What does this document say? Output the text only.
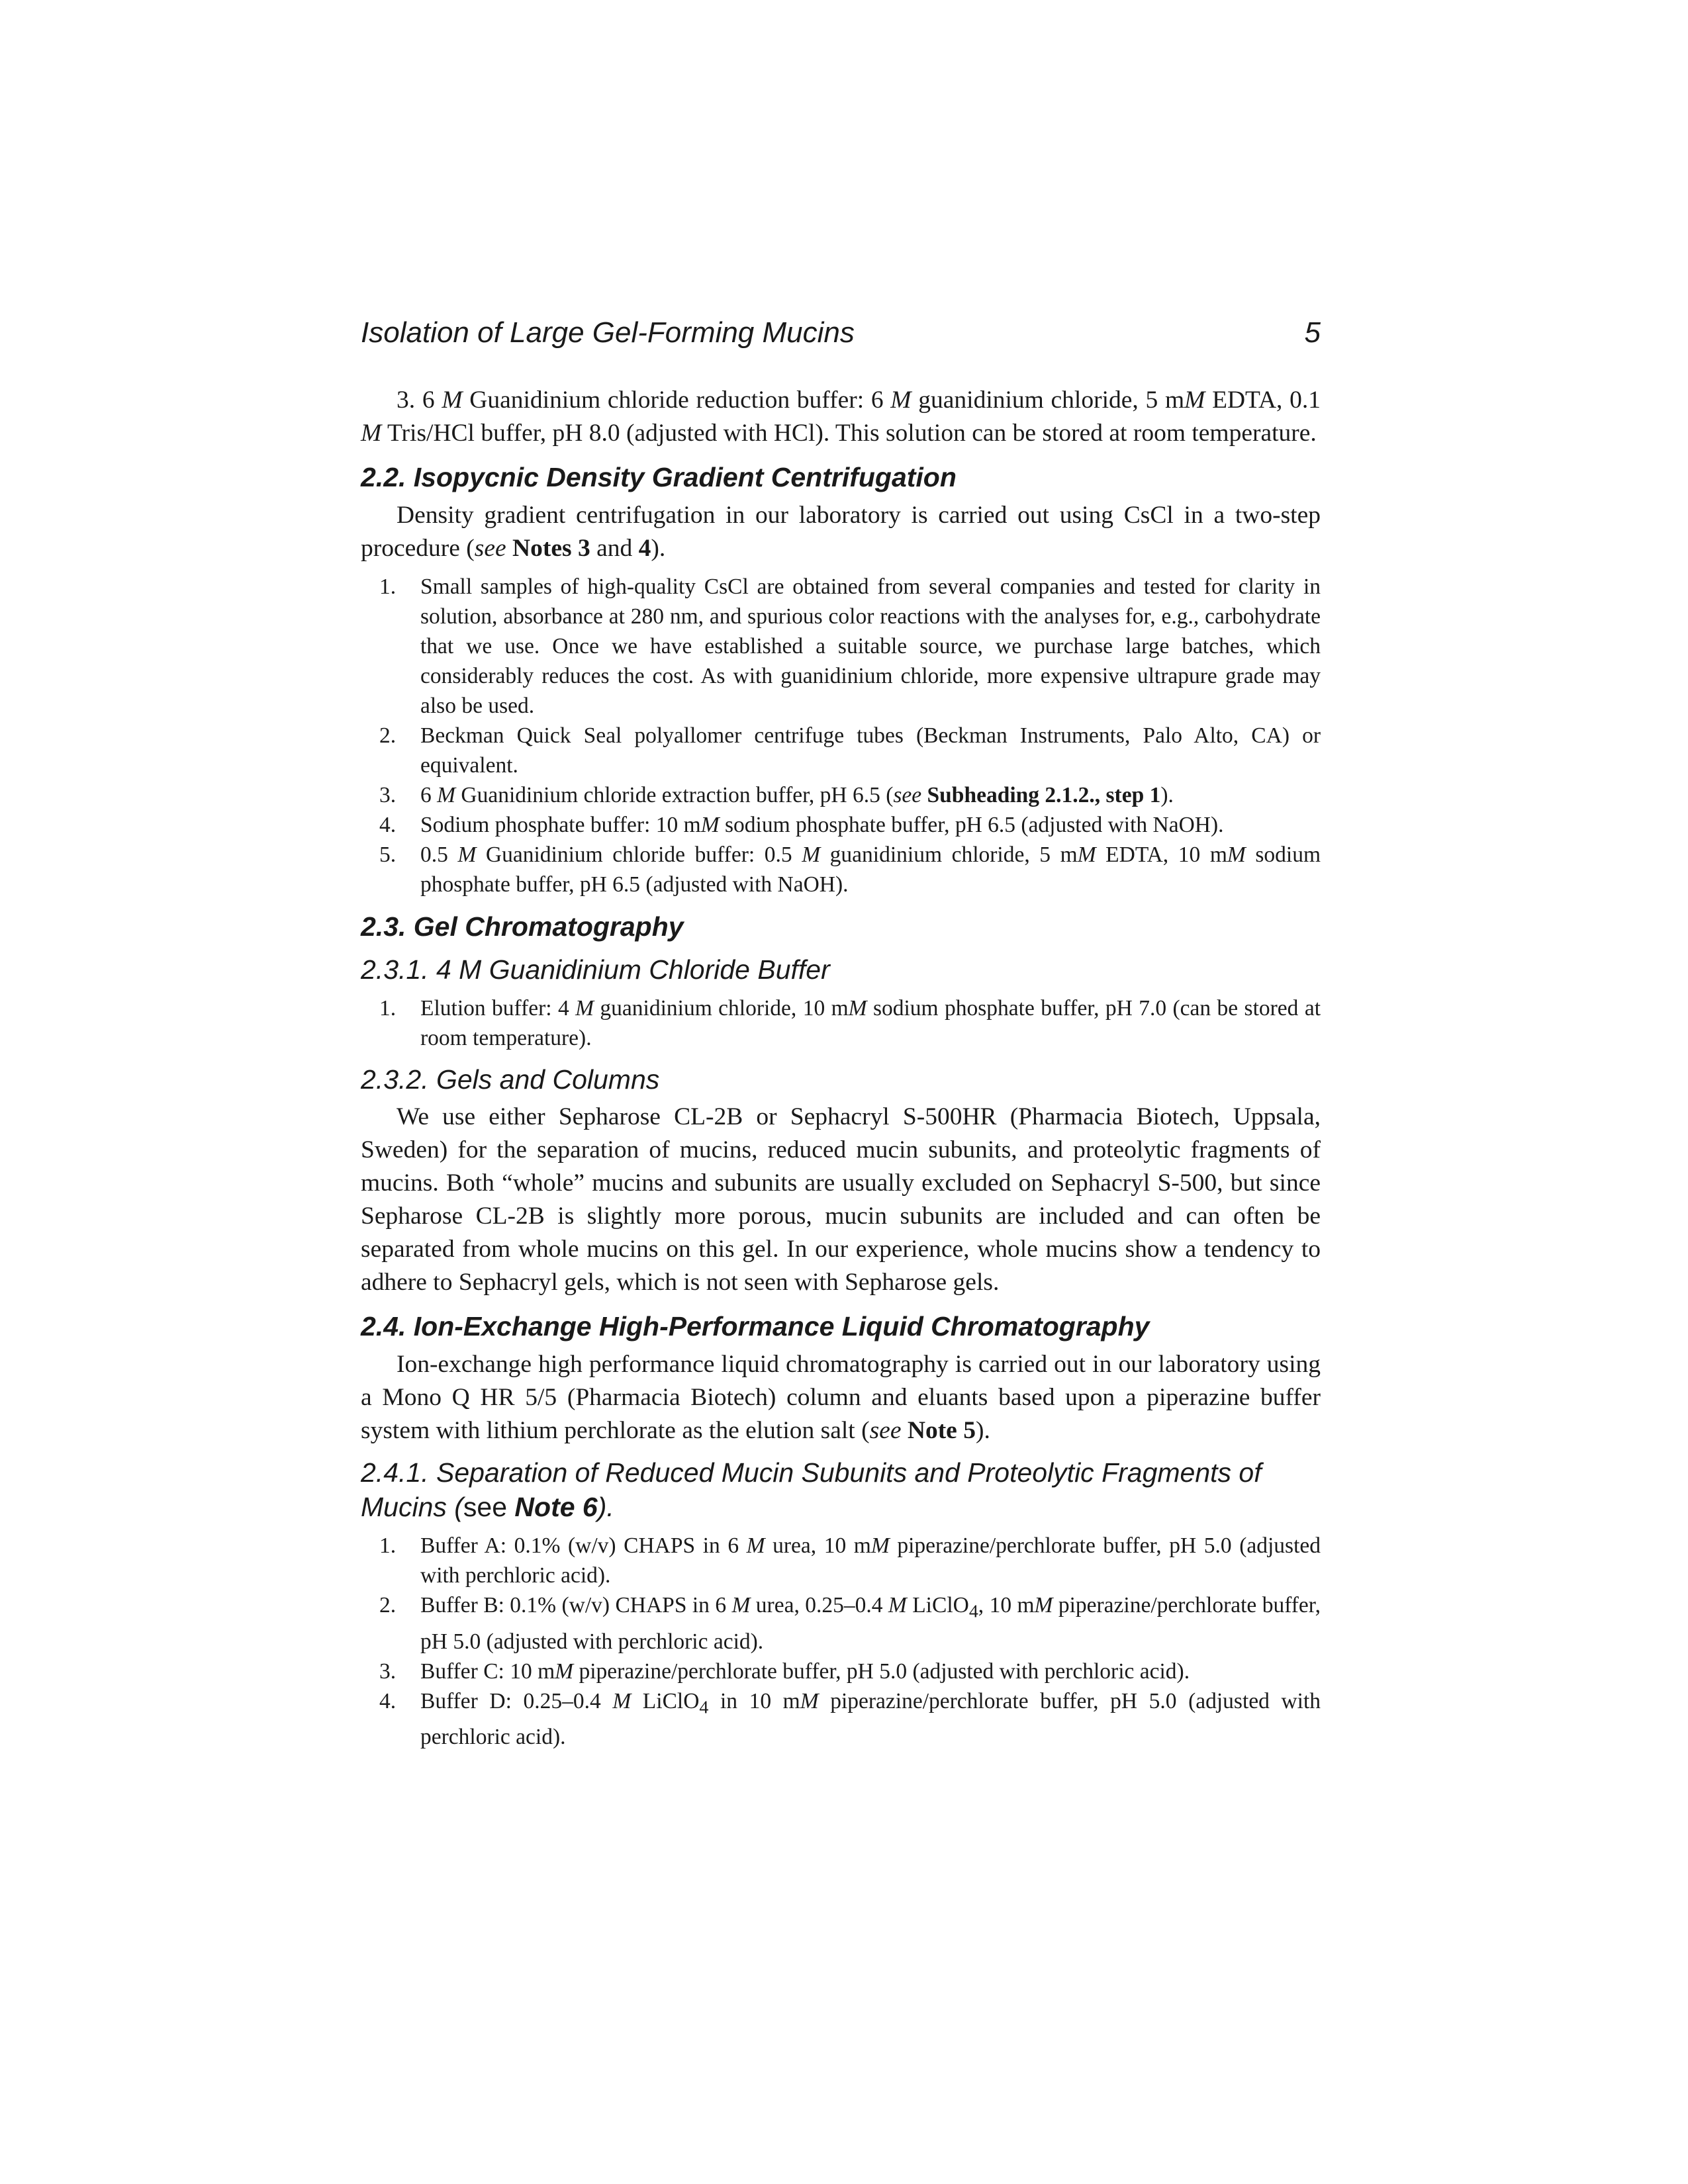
Isolation of Large Gel-Forming Mucins	5

3. 6 M Guanidinium chloride reduction buffer: 6 M guanidinium chloride, 5 mM EDTA, 0.1 M Tris/HCl buffer, pH 8.0 (adjusted with HCl). This solution can be stored at room temperature.

2.2. Isopycnic Density Gradient Centrifugation

Density gradient centrifugation in our laboratory is carried out using CsCl in a two-step procedure (see Notes 3 and 4).

1. Small samples of high-quality CsCl are obtained from several companies and tested for clarity in solution, absorbance at 280 nm, and spurious color reactions with the analyses for, e.g., carbohydrate that we use. Once we have established a suitable source, we purchase large batches, which considerably reduces the cost. As with guanidinium chloride, more expensive ultrapure grade may also be used.
2. Beckman Quick Seal polyallomer centrifuge tubes (Beckman Instruments, Palo Alto, CA) or equivalent.
3. 6 M Guanidinium chloride extraction buffer, pH 6.5 (see Subheading 2.1.2., step 1).
4. Sodium phosphate buffer: 10 mM sodium phosphate buffer, pH 6.5 (adjusted with NaOH).
5. 0.5 M Guanidinium chloride buffer: 0.5 M guanidinium chloride, 5 mM EDTA, 10 mM sodium phosphate buffer, pH 6.5 (adjusted with NaOH).
2.3. Gel Chromatography
2.3.1. 4 M Guanidinium Chloride Buffer
1. Elution buffer: 4 M guanidinium chloride, 10 mM sodium phosphate buffer, pH 7.0 (can be stored at room temperature).
2.3.2. Gels and Columns

We use either Sepharose CL-2B or Sephacryl S-500HR (Pharmacia Biotech, Uppsala, Sweden) for the separation of mucins, reduced mucin subunits, and proteolytic fragments of mucins. Both “whole” mucins and subunits are usually excluded on Sephacryl S-500, but since Sepharose CL-2B is slightly more porous, mucin subunits are included and can often be separated from whole mucins on this gel. In our experience, whole mucins show a tendency to adhere to Sephacryl gels, which is not seen with Sepharose gels.

2.4. Ion-Exchange High-Performance Liquid Chromatography

Ion-exchange high performance liquid chromatography is carried out in our laboratory using a Mono Q HR 5/5 (Pharmacia Biotech) column and eluants based upon a piperazine buffer system with lithium perchlorate as the elution salt (see Note 5).

2.4.1. Separation of Reduced Mucin Subunits and Proteolytic Fragments of Mucins (see Note 6).
1. Buffer A: 0.1% (w/v) CHAPS in 6 M urea, 10 mM piperazine/perchlorate buffer, pH 5.0 (adjusted with perchloric acid).
2. Buffer B: 0.1% (w/v) CHAPS in 6 M urea, 0.25–0.4 M LiClO$_4$, 10 mM piperazine/perchlorate buffer, pH 5.0 (adjusted with perchloric acid).
3. Buffer C: 10 mM piperazine/perchlorate buffer, pH 5.0 (adjusted with perchloric acid).
4. Buffer D: 0.25–0.4 M LiClO$_4$ in 10 mM piperazine/perchlorate buffer, pH 5.0 (adjusted with perchloric acid).
